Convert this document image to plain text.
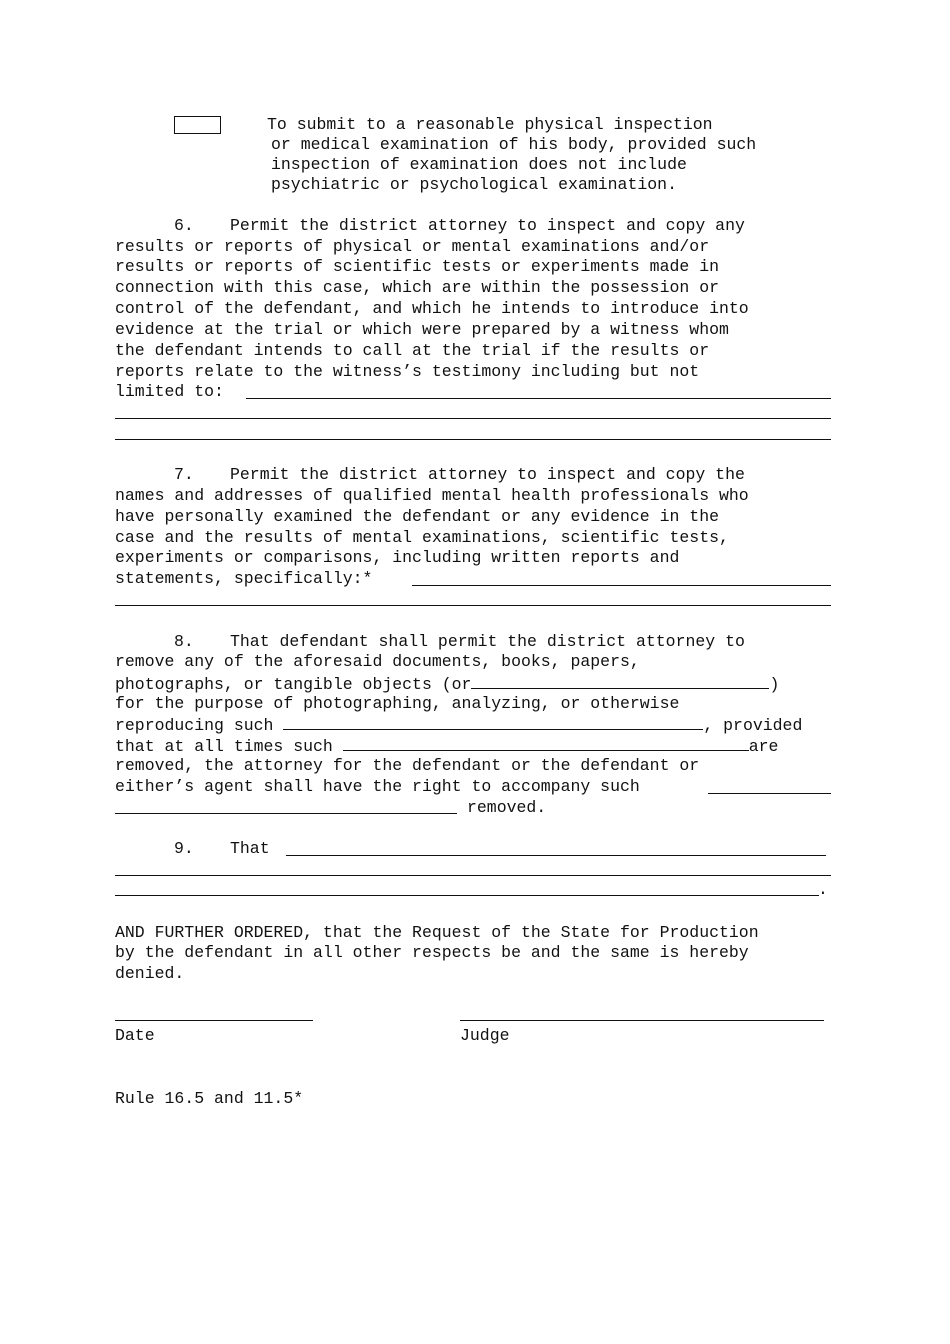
To submit to a reasonable physical inspection
or medical examination of his body, provided such
inspection of examination does not include
psychiatric or psychological examination.
6. Permit the district attorney to inspect and copy any
results or reports of physical or mental examinations and/or
results or reports of scientific tests or experiments made in
connection with this case, which are within the possession or
control of the defendant, and which he intends to introduce into
evidence at the trial or which were prepared by a witness whom
the defendant intends to call at the trial if the results or
reports relate to the witness’s testimony including but not
limited to:
7. Permit the district attorney to inspect and copy the
names and addresses of qualified mental health professionals who
have personally examined the defendant or any evidence in the
case and the results of mental examinations, scientific tests,
experiments or comparisons, including written reports and
statements, specifically:*
8. That defendant shall permit the district attorney to
remove any of the aforesaid documents, books, papers,
photographs, or tangible objects (or	)
for the purpose of photographing, analyzing, or otherwise
reproducing such	, provided
that at all times such	are
removed, the attorney for the defendant or the defendant or
either’s agent shall have the right to accompany such
removed.
9. That
.
AND FURTHER ORDERED, that the Request of the State for Production
by the defendant in all other respects be and the same is hereby
denied.
Date	Judge
Rule 16.5 and 11.5*
